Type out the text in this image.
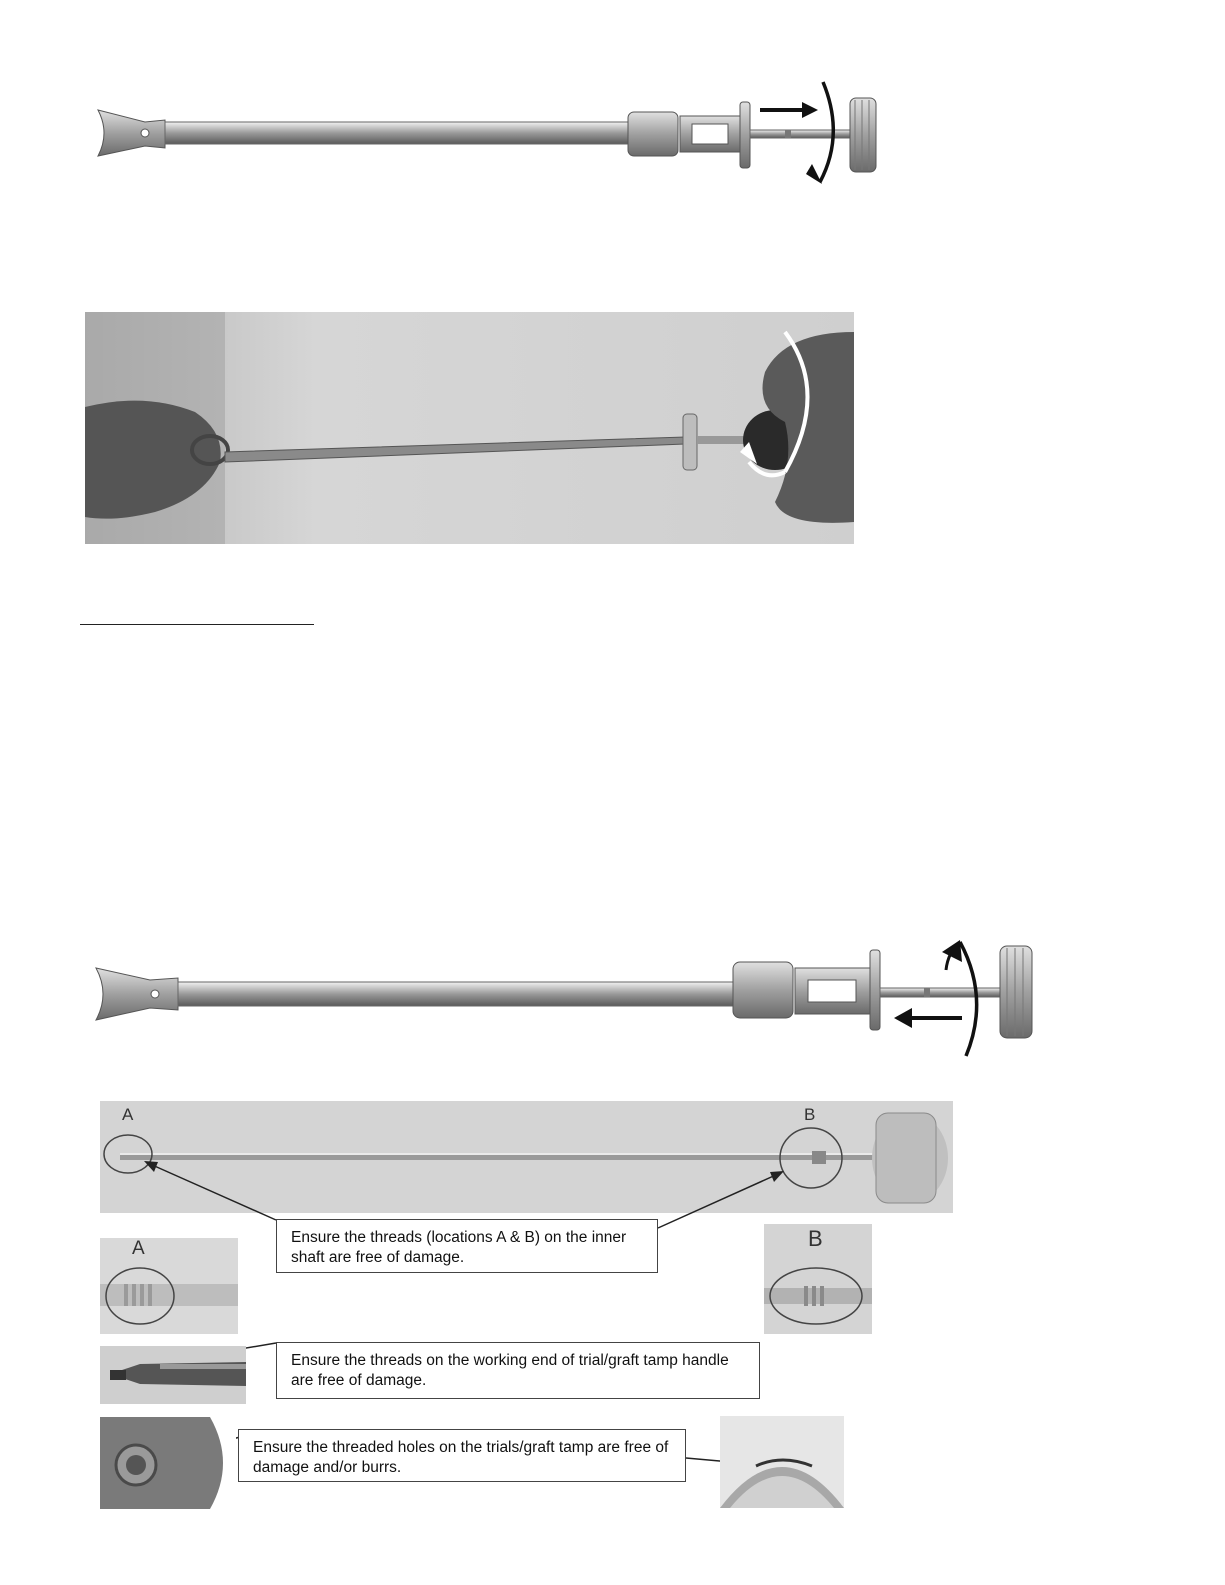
A	B
A	B
Ensure the threads (locations A & B) on the inner shaft are free of damage.
Ensure the threads on the working end of trial/graft tamp handle are free of damage.
Ensure the threaded holes on the trials/graft tamp are free of damage and/or burrs.
